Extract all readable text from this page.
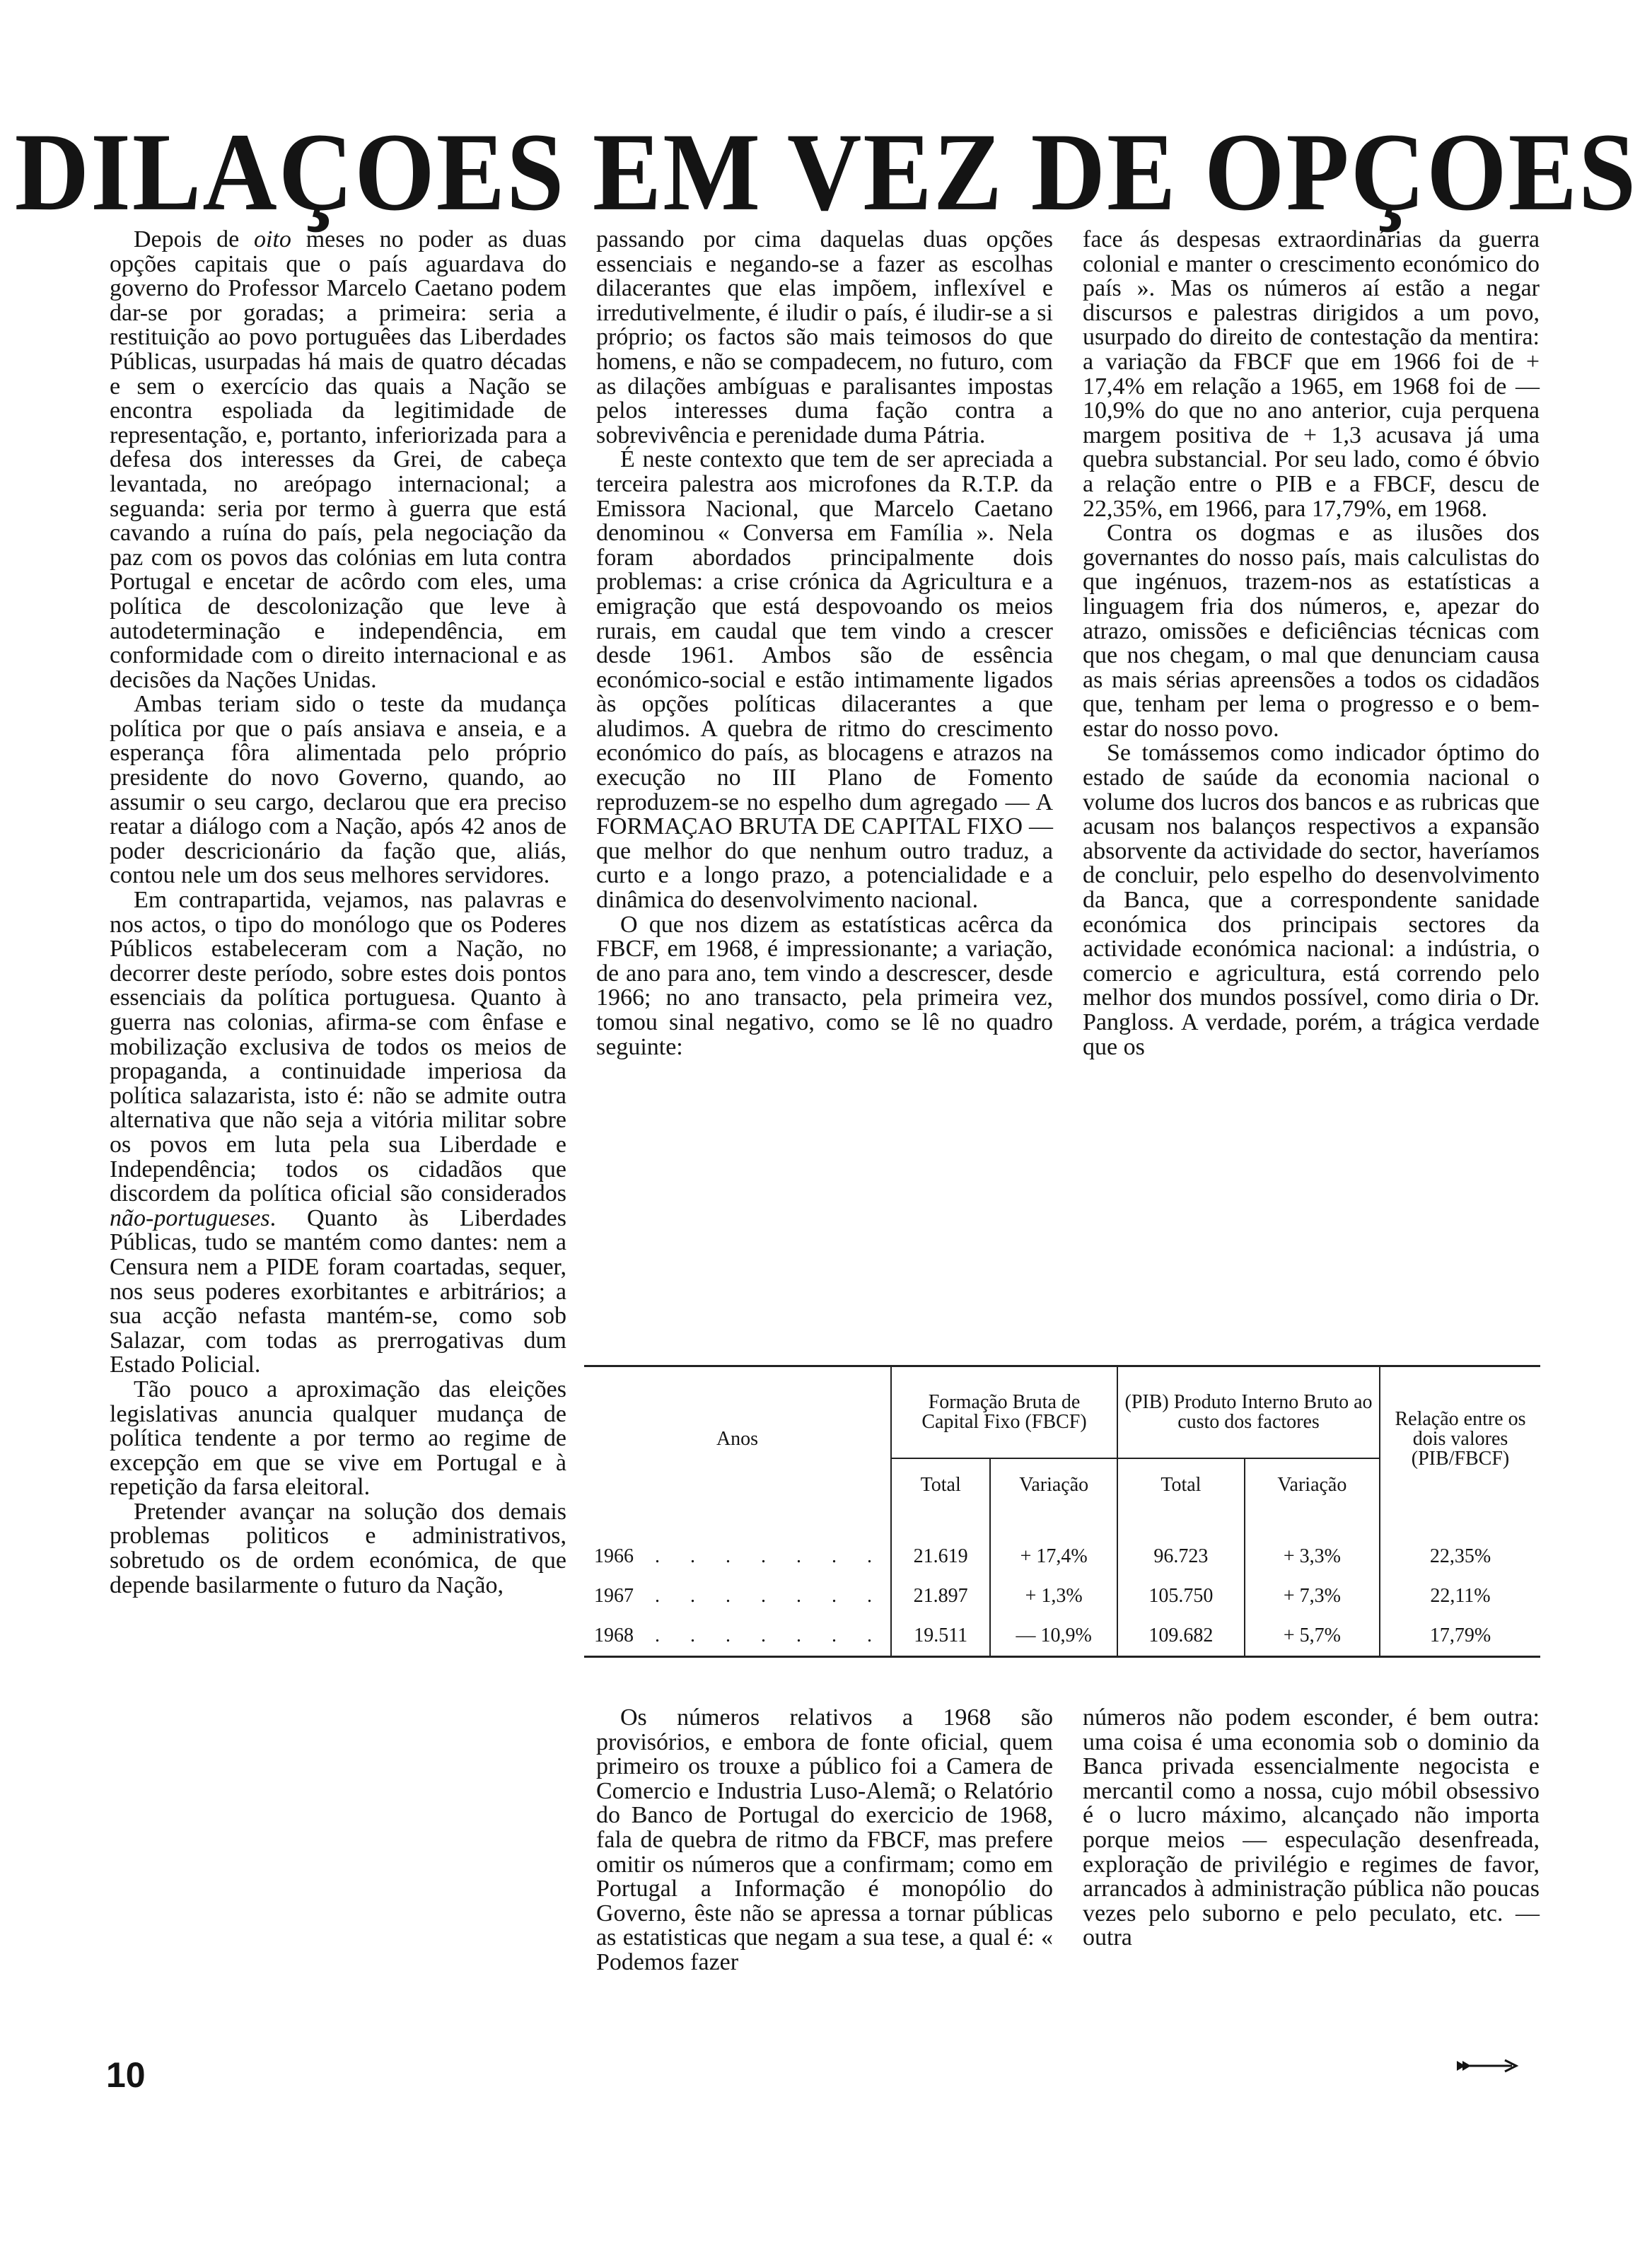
DILAÇOES EM VEZ DE OPÇOES

Depois de oito meses no poder as duas opções capitais que o país aguardava do governo do Professor Marcelo Caetano podem dar-se por goradas; a primeira: seria a restituição ao povo portuguêes das Liberdades Públicas, usurpadas há mais de quatro décadas e sem o exercício das quais a Nação se encontra espoliada da legitimidade de representação, e, portanto, inferiorizada para a defesa dos interesses da Grei, de cabeça levantada, no areópago internacional; a seguanda: seria por termo à guerra que está cavando a ruína do país, pela negociação da paz com os povos das colónias em luta contra Portugal e encetar de acôrdo com eles, uma política de descolonização que leve à autodeterminação e independência, em conformidade com o direito internacional e as decisões da Nações Unidas.

Ambas teriam sido o teste da mudança política por que o país ansiava e anseia, e a esperança fôra alimentada pelo próprio presidente do novo Governo, quando, ao assumir o seu cargo, declarou que era preciso reatar a diálogo com a Nação, após 42 anos de poder descricionário da fação que, aliás, contou nele um dos seus melhores servidores.

Em contrapartida, vejamos, nas palavras e nos actos, o tipo do monólogo que os Poderes Públicos estabeleceram com a Nação, no decorrer deste período, sobre estes dois pontos essenciais da política portuguesa. Quanto à guerra nas colonias, afirma-se com ênfase e mobilização exclusiva de todos os meios de propaganda, a continuidade imperiosa da política salazarista, isto é: não se admite outra alternativa que não seja a vitória militar sobre os povos em luta pela sua Liberdade e Independência; todos os cidadãos que discordem da política oficial são considerados não-portugueses. Quanto às Liberdades Públicas, tudo se mantém como dantes: nem a Censura nem a PIDE foram coartadas, sequer, nos seus poderes exorbitantes e arbitrários; a sua acção nefasta mantém-se, como sob Salazar, com todas as prerrogativas dum Estado Policial.

Tão pouco a aproximação das eleições legislativas anuncia qualquer mudança de política tendente a por termo ao regime de excepção em que se vive em Portugal e à repetição da farsa eleitoral.

Pretender avançar na solução dos demais problemas politicos e administrativos, sobretudo os de ordem económica, de que depende basilarmente o futuro da Nação,

passando por cima daquelas duas opções essenciais e negando-se a fazer as escolhas dilacerantes que elas impõem, inflexível e irredutivelmente, é iludir o país, é iludir-se a si próprio; os factos são mais teimosos do que homens, e não se compadecem, no futuro, com as dilações ambíguas e paralisantes impostas pelos interesses duma fação contra a sobrevivência e perenidade duma Pátria.

É neste contexto que tem de ser apreciada a terceira palestra aos microfones da R.T.P. da Emissora Nacional, que Marcelo Caetano denominou « Conversa em Família ». Nela foram abordados principalmente dois problemas: a crise crónica da Agricultura e a emigração que está despovoando os meios rurais, em caudal que tem vindo a crescer desde 1961. Ambos são de essência económico-social e estão intimamente ligados às opções políticas dilacerantes a que aludimos. A quebra de ritmo do crescimento económico do país, as blocagens e atrazos na execução no III Plano de Fomento reproduzem-se no espelho dum agregado — A FORMAÇAO BRUTA DE CAPITAL FIXO — que melhor do que nenhum outro traduz, a curto e a longo prazo, a potencialidade e a dinâmica do desenvolvimento nacional.

O que nos dizem as estatísticas acêrca da FBCF, em 1968, é impressionante; a variação, de ano para ano, tem vindo a descrescer, desde 1966; no ano transacto, pela primeira vez, tomou sinal negativo, como se lê no quadro seguinte:

face ás despesas extraordinárias da guerra colonial e manter o crescimento económico do país ». Mas os números aí estão a negar discursos e palestras dirigidos a um povo, usurpado do direito de contestação da mentira: a variação da FBCF que em 1966 foi de + 17,4% em relação a 1965, em 1968 foi de — 10,9% do que no ano anterior, cuja perquena margem positiva de + 1,3 acusava já uma quebra substancial. Por seu lado, como é óbvio a relação entre o PIB e a FBCF, descu de 22,35%, em 1966, para 17,79%, em 1968.

Contra os dogmas e as ilusões dos governantes do nosso país, mais calculistas do que ingénuos, trazem-nos as estatísticas a linguagem fria dos números, e, apezar do atrazo, omissões e deficiências técnicas com que nos chegam, o mal que denunciam causa as mais sérias apreensões a todos os cidadãos que, tenham per lema o progresso e o bem-estar do nosso povo.

Se tomássemos como indicador óptimo do estado de saúde da economia nacional o volume dos lucros dos bancos e as rubricas que acusam nos balanços respectivos a expansão absorvente da actividade do sector, haveríamos de concluir, pelo espelho do desenvolvimento da Banca, que a correspondente sanidade económica dos principais sectores da actividade económica nacional: a indústria, o comercio e agricultura, está correndo pelo melhor dos mundos possível, como diria o Dr. Pangloss. A verdade, porém, a trágica verdade que os

Anos	Formação Bruta de Capital Fixo (FBCF)		(PIB) Produto Interno Bruto ao custo dos factores		Relação entre os dois valores (PIB/FBCF)
	Total	Variação	Total	Variação	
1966 . . . . . . .	21.619	+ 17,4%	96.723	+ 3,3%	22,35%
1967 . . . . . . .	21.897	+ 1,3%	105.750	+ 7,3%	22,11%
1968 . . . . . . .	19.511	— 10,9%	109.682	+ 5,7%	17,79%

Os números relativos a 1968 são provisórios, e embora de fonte oficial, quem primeiro os trouxe a público foi a Camera de Comercio e Industria Luso-Alemã; o Relatório do Banco de Portugal do exercicio de 1968, fala de quebra de ritmo da FBCF, mas prefere omitir os números que a confirmam; como em Portugal a Informação é monopólio do Governo, êste não se apressa a tornar públicas as estatisticas que negam a sua tese, a qual é: « Podemos fazer

números não podem esconder, é bem outra: uma coisa é uma economia sob o dominio da Banca privada essencialmente negocista e mercantil como a nossa, cujo móbil obsessivo é o lucro máximo, alcançado não importa porque meios — especulação desenfreada, exploração de privilégio e regimes de favor, arrancados à administração pública não poucas vezes pelo suborno e pelo peculato, etc. — outra

10
